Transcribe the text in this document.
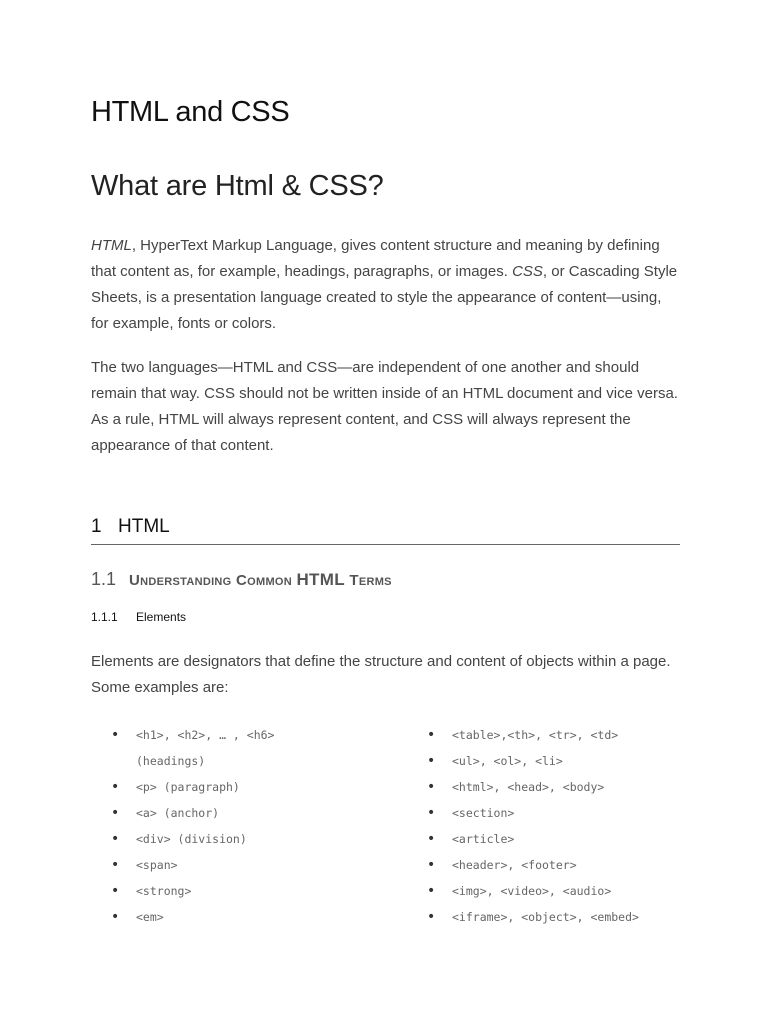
HTML and CSS
What are Html & CSS?

HTML, HyperText Markup Language, gives content structure and meaning by defining that content as, for example, headings, paragraphs, or images. CSS, or Cascading Style Sheets, is a presentation language created to style the appearance of content—using, for example, fonts or colors.

The two languages—HTML and CSS—are independent of one another and should remain that way. CSS should not be written inside of an HTML document and vice versa. As a rule, HTML will always represent content, and CSS will always represent the appearance of that content.

1 HTML
1.1 Understanding Common HTML Terms
1.1.1	Elements

Elements are designators that define the structure and content of objects within a page. Some examples are:

• <h1>, <h2>, … , <h6> (headings)
• <p> (paragraph)
• <a> (anchor)
• <div> (division)
• <span>
• <strong>
• <em>
• <table>,<th>, <tr>, <td>
• <ul>, <ol>, <li>
• <html>, <head>, <body>
• <section>
• <article>
• <header>, <footer>
• <img>, <video>, <audio>
• <iframe>, <object>, <embed>
